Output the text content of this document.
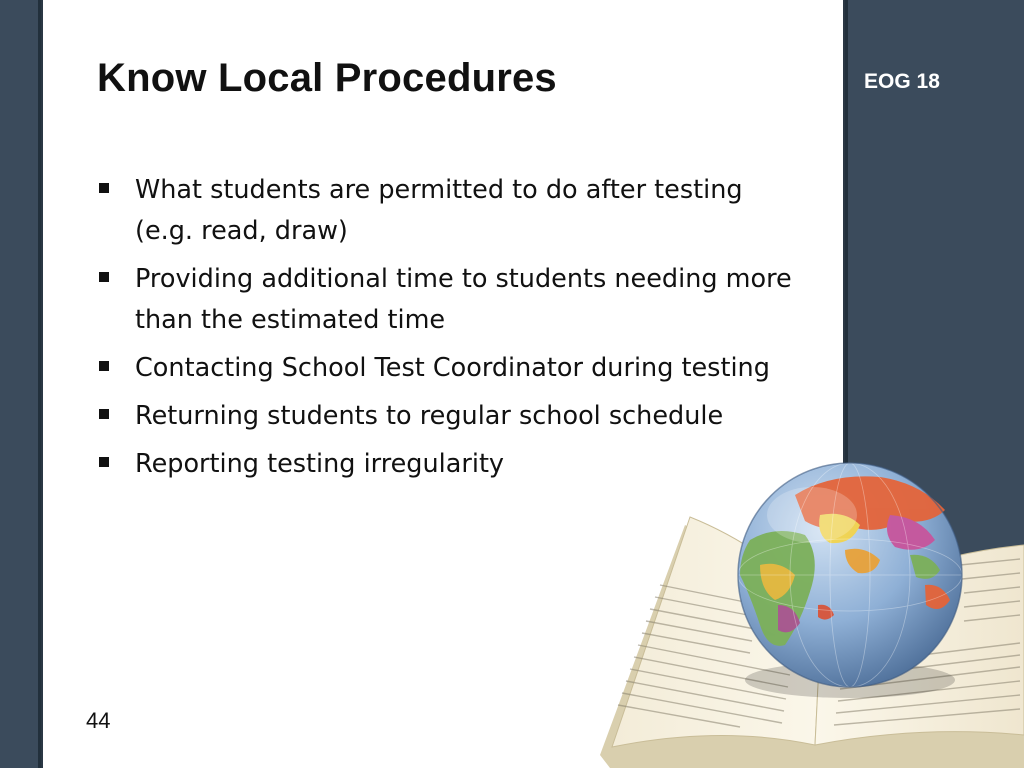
Know Local Procedures	EOG 18
What students are permitted to do after testing (e.g. read, draw)
Providing additional time to students needing more than the estimated time
Contacting School Test Coordinator during testing
Returning students to regular school schedule
Reporting testing irregularity
44
